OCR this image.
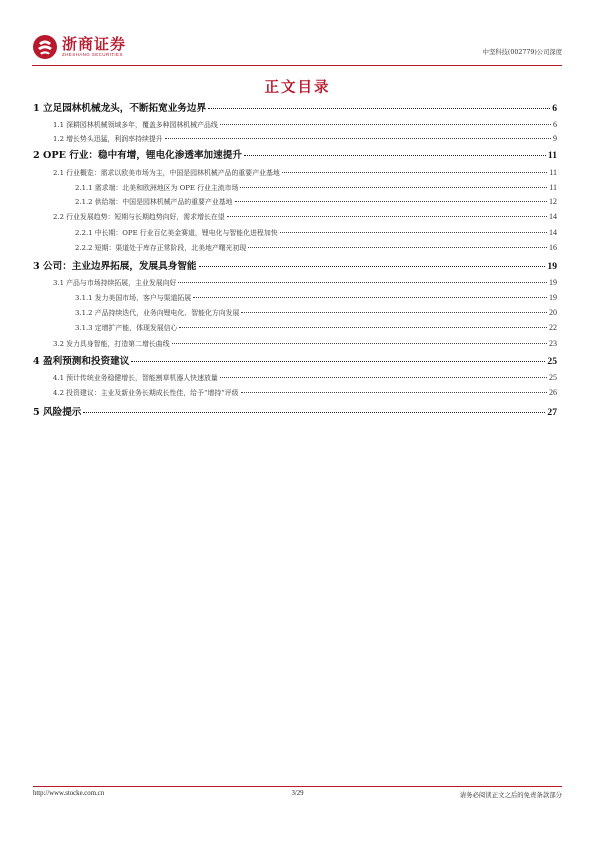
浙商证券
ZHESHANG SECURITIES	中坚科技(002779)公司深度
正文目录
1 立足园林机械龙头，不断拓宽业务边界	6
1.1 深耕园林机械领域多年，覆盖多种园林机械产品线	6
1.2 增长势头迅猛，利润率持续提升	9
2 OPE 行业：稳中有增，锂电化渗透率加速提升	11
2.1 行业概览：需求以欧美市场为主，中国是园林机械产品的重要产业基地	11
2.1.1 需求端：北美和欧洲地区为 OPE 行业主流市场	11
2.1.2 供给端：中国是园林机械产品的重要产业基地	12
2.2 行业发展趋势：短期与长期趋势向好，需求增长在望	14
2.2.1 中长期：OPE 行业百亿美金赛道，锂电化与智能化进程加快	14
2.2.2 短期：渠道处于库存正常阶段，北美地产曙光初现	16
3 公司：主业边界拓展，发展具身智能	19
3.1 产品与市场持续拓展，主业发展向好	19
3.1.1 发力美国市场，客户与渠道拓展	19
3.1.2 产品持续迭代，业务向锂电化、智能化方向发展	20
3.1.3 定增扩产能，体现发展信心	22
3.2 发力具身智能，打造第二增长曲线	23
4 盈利预测和投资建议	25
4.1 预计传统业务稳健增长，智能割草机器人快速放量	25
4.2 投资建议：主业及新业务长期成长性佳，给予“增持”评级	26
5 风险提示	27
http://www.stocke.com.cn	3/29	请务必阅读正文之后的免责条款部分
